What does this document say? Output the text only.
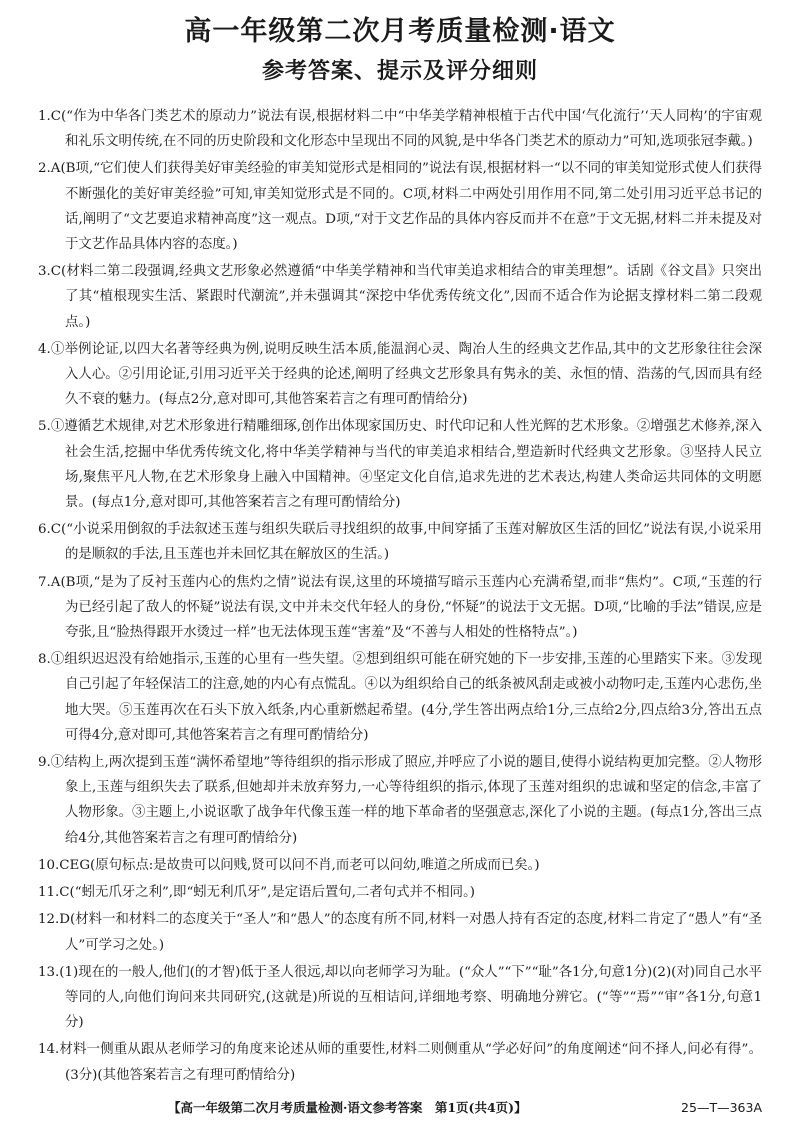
高一年级第二次月考质量检测·语文
参考答案、提示及评分细则

1.C(“作为中华各门类艺术的原动力”说法有误,根据材料二中“中华美学精神根植于古代中国‘气化流行’‘天人同构’的宇宙观和礼乐文明传统,在不同的历史阶段和文化形态中呈现出不同的风貌,是中华各门类艺术的原动力”可知,选项张冠李戴。)

2.A(B项,“它们使人们获得美好审美经验的审美知觉形式是相同的”说法有误,根据材料一“以不同的审美知觉形式使人们获得不断强化的美好审美经验”可知,审美知觉形式是不同的。C项,材料二中两处引用作用不同,第二处引用习近平总书记的话,阐明了“文艺要追求精神高度”这一观点。D项,“对于文艺作品的具体内容反而并不在意”于文无据,材料二并未提及对于文艺作品具体内容的态度。)

3.C(材料二第二段强调,经典文艺形象必然遵循“中华美学精神和当代审美追求相结合的审美理想”。话剧《谷文昌》只突出了其“植根现实生活、紧跟时代潮流”,并未强调其“深挖中华优秀传统文化”,因而不适合作为论据支撑材料二第二段观点。)

4.①举例论证,以四大名著等经典为例,说明反映生活本质,能温润心灵、陶冶人生的经典文艺作品,其中的文艺形象往往会深入人心。②引用论证,引用习近平关于经典的论述,阐明了经典文艺形象具有隽永的美、永恒的情、浩荡的气,因而具有经久不衰的魅力。(每点2分,意对即可,其他答案若言之有理可酌情给分)

5.①遵循艺术规律,对艺术形象进行精雕细琢,创作出体现家国历史、时代印记和人性光辉的艺术形象。②增强艺术修养,深入社会生活,挖掘中华优秀传统文化,将中华美学精神与当代的审美追求相结合,塑造新时代经典文艺形象。③坚持人民立场,聚焦平凡人物,在艺术形象身上融入中国精神。④坚定文化自信,追求先进的艺术表达,构建人类命运共同体的文明愿景。(每点1分,意对即可,其他答案若言之有理可酌情给分)

6.C(“小说采用倒叙的手法叙述玉莲与组织失联后寻找组织的故事,中间穿插了玉莲对解放区生活的回忆”说法有误,小说采用的是顺叙的手法,且玉莲也并未回忆其在解放区的生活。)

7.A(B项,“是为了反衬玉莲内心的焦灼之情”说法有误,这里的环境描写暗示玉莲内心充满希望,而非“焦灼”。C项,“玉莲的行为已经引起了敌人的怀疑”说法有误,文中并未交代年轻人的身份,“怀疑”的说法于文无据。D项,“比喻的手法”错误,应是夸张,且“脸热得跟开水烫过一样”也无法体现玉莲“害羞”及“不善与人相处的性格特点”。)

8.①组织迟迟没有给她指示,玉莲的心里有一些失望。②想到组织可能在研究她的下一步安排,玉莲的心里踏实下来。③发现自己引起了年轻保洁工的注意,她的内心有点慌乱。④以为组织给自己的纸条被风刮走或被小动物叼走,玉莲内心悲伤,坐地大哭。⑤玉莲再次在石头下放入纸条,内心重新燃起希望。(4分,学生答出两点给1分,三点给2分,四点给3分,答出五点可得4分,意对即可,其他答案若言之有理可酌情给分)

9.①结构上,两次提到玉莲“满怀希望地”等待组织的指示形成了照应,并呼应了小说的题目,使得小说结构更加完整。②人物形象上,玉莲与组织失去了联系,但她却并未放弃努力,一心等待组织的指示,体现了玉莲对组织的忠诚和坚定的信念,丰富了人物形象。③主题上,小说讴歌了战争年代像玉莲一样的地下革命者的坚强意志,深化了小说的主题。(每点1分,答出三点给4分,其他答案若言之有理可酌情给分)

10.CEG(原句标点:是故贵可以问贱,贤可以问不肖,而老可以问幼,唯道之所成而已矣。)

11.C(“蚓无爪牙之利”,即“蚓无利爪牙”,是定语后置句,二者句式并不相同。)

12.D(材料一和材料二的态度关于“圣人”和“愚人”的态度有所不同,材料一对愚人持有否定的态度,材料二肯定了“愚人”有“圣人”可学习之处。)

13.(1)现在的一般人,他们(的才智)低于圣人很远,却以向老师学习为耻。(“众人”“下”“耻”各1分,句意1分)(2)(对)同自己水平等同的人,向他们询问来共同研究,(这就是)所说的互相诘问,详细地考察、明确地分辨它。(“等”“焉”“审”各1分,句意1分)

14.材料一侧重从跟从老师学习的角度来论述从师的重要性,材料二则侧重从“学必好问”的角度阐述“问不择人,问必有得”。(3分)(其他答案若言之有理可酌情给分)

【高一年级第二次月考质量检测·语文参考答案　第1页(共4页)】	25—T—363A
